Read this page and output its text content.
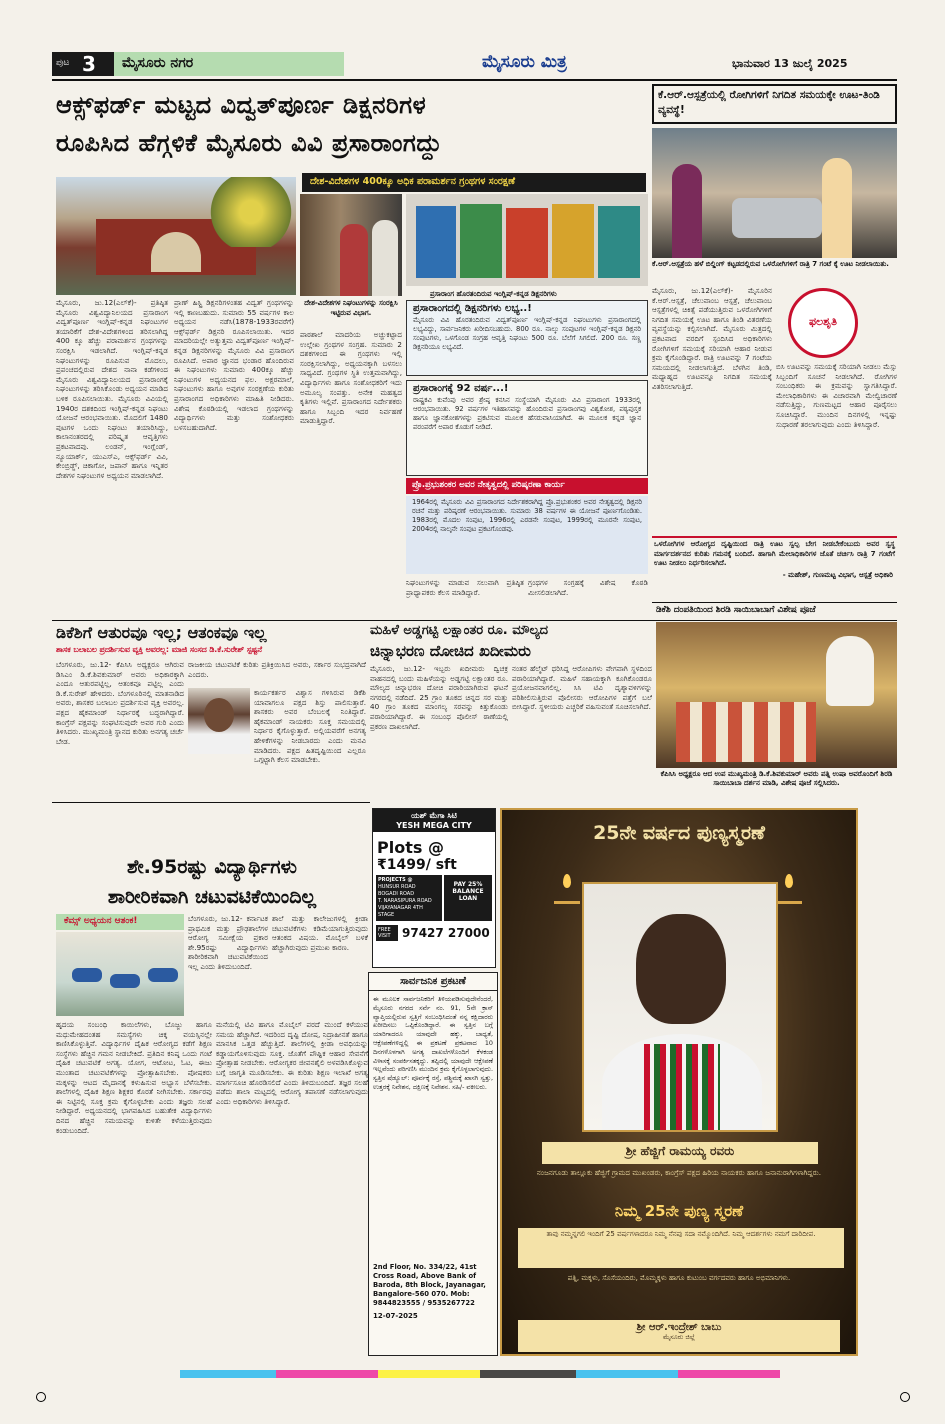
ಪುಟ 3 ಮೈಸೂರು ನಗರ	ಮೈಸೂರು ಮಿತ್ರ	ಭಾನುವಾರ 13 ಜುಲೈ 2025
ಆಕ್ಸ್‌ಫರ್ಡ್ ಮಟ್ಟದ ವಿದ್ವತ್‌ಪೂರ್ಣ ಡಿಕ್ಷನರಿಗಳ
ರೂಪಿಸಿದ ಹೆಗ್ಗಳಿಕೆ ಮೈಸೂರು ವಿವಿ ಪ್ರಸಾರಾಂಗದ್ದು
ದೇಶ-ವಿದೇಶಗಳ 400ಕ್ಕೂ ಅಧಿಕ ಪರಾಮರ್ಶನ ಗ್ರಂಥಗಳ ಸಂರಕ್ಷಣೆ
ಪ್ರಸಾರಾಂಗ ಹೊರತಂದಿರುವ ಇಂಗ್ಲಿಷ್-ಕನ್ನಡ ಡಿಕ್ಷನರಿಗಳು
ಮೈಸೂರು, ಜು.12(ಎಲ್‌ಕೆ)- ಪ್ರತಿಷ್ಠಿತ ಮೈಸೂರು ವಿಶ್ವವಿದ್ಯಾನಿಲಯದ ಪ್ರಸಾರಾಂಗ ವಿದ್ವತ್‌ಪೂರ್ಣ ಇಂಗ್ಲಿಷ್-ಕನ್ನಡ ನಿಘಂಟುಗಳ ತಯಾರಿಕೆಗೆ ದೇಶ-ವಿದೇಶಗಳಿಂದ ತರಿಸಲಾಗಿದ್ದ 400 ಕ್ಕೂ ಹೆಚ್ಚು ಪರಾಮರ್ಶನ ಗ್ರಂಥಗಳನ್ನು ಸಂರಕ್ಷಿಸಿ ಇಡಲಾಗಿದೆ. ಇಂಗ್ಲಿಷ್-ಕನ್ನಡ ನಿಘಂಟುಗಳನ್ನು ರೂಪಿಸುವ ಮೊದಲು, ಪ್ರಪಂಚದಲ್ಲಿರುವ ದೇಶದ ನಾನಾ ಕಡೆಗಳಿಂದ ಮೈಸೂರು ವಿಶ್ವವಿದ್ಯಾನಿಲಯದ ಪ್ರಸಾರಾಂಗಕ್ಕೆ ನಿಘಂಟುಗಳನ್ನು ತರಿಸಿಕೊಂಡು ಅಧ್ಯಯನ ಮಾಡಿದ ಬಳಿಕ ರೂಪಿಸಲಾಯಿತು. ಮೈಸೂರು ವಿವಿಯಲ್ಲಿ 1940ರ ದಶಕದಿಂದ ಇಂಗ್ಲಿಷ್-ಕನ್ನಡ ನಿಘಂಟು ಯೋಜನೆ ಆರಂಭವಾಯಿತು. ಮೊದಲಿಗೆ 1480 ಪುಟಗಳ ಒಂದು ನಿಘಂಟು ತಯಾರಿಸಿದ್ದು, ಕಾಲಾನಂತರದಲ್ಲಿ ಪರಿಷ್ಕೃತ ಆವೃತ್ತಿಗಳು ಪ್ರಕಟವಾದವು. ಲಂಡನ್, ಇಂಗ್ಲೆಂಡ್, ನ್ಯೂಯಾರ್ಕ್, ಯುಎಸ್‌ಎ, ಆಕ್ಸ್‌ಫರ್ಡ್ ವಿವಿ, ಕೇಂಬ್ರಿಡ್ಜ್, ಚಿಕಾಗೋ, ಜಪಾನ್ ಹಾಗೂ ಇನ್ನಿತರ ದೇಶಗಳ ನಿಘಂಟುಗಳ ಅಧ್ಯಯನ ಮಾಡಲಾಗಿದೆ.
ಪ್ರಾಣ್ ಹಿಸ್ಟ್ರಿ ಡಿಕ್ಷನರಿಗಳಂತಹ ವಿದ್ವತ್ ಗ್ರಂಥಗಳನ್ನು ಇಲ್ಲಿ ಕಾಣಬಹುದು. ಸುಮಾರು 55 ವರ್ಷಗಳ ಕಾಲ ಅಧ್ಯಯನ ನಡೆಸಿ(1878-1933ರವರೆಗೆ) ಆಕ್ಸ್‌ಫರ್ಡ್ ಡಿಕ್ಷನರಿ ರೂಪಿಸಲಾಯಿತು. ಇದರ ಮಾದರಿಯಲ್ಲೇ ಅತ್ಯುತ್ತಮ ವಿದ್ವತ್‌ಪೂರ್ಣ ಇಂಗ್ಲಿಷ್-ಕನ್ನಡ ಡಿಕ್ಷನರಿಗಳನ್ನು ಮೈಸೂರು ವಿವಿ ಪ್ರಸಾರಾಂಗ ರೂಪಿಸಿದೆ. ಅಪಾರ ಜ್ಞಾನದ ಭಂಡಾರ ಹೊಂದಿರುವ ಈ ನಿಘಂಟುಗಳು ಸುಮಾರು 400ಕ್ಕೂ ಹೆಚ್ಚು ನಿಘಂಟುಗಳ ಅಧ್ಯಯನದ ಫಲ. ಅಕ್ಷರಮಾಲೆ, ನಿಘಂಟುಗಳು ಹಾಗೂ ಅವುಗಳ ಸಂರಕ್ಷಣೆಯ ಕುರಿತು ಪ್ರಸಾರಾಂಗದ ಅಧಿಕಾರಿಗಳು ಮಾಹಿತಿ ನೀಡಿದರು. ವಿಶೇಷ ಕೊಠಡಿಯಲ್ಲಿ ಇಡಲಾದ ಗ್ರಂಥಗಳನ್ನು ವಿದ್ಯಾರ್ಥಿಗಳು ಮತ್ತು ಸಂಶೋಧಕರು ಬಳಸಬಹುದಾಗಿದೆ.
ದೇಶ-ವಿದೇಶಗಳ ನಿಘಂಟುಗಳನ್ನು ಸಂರಕ್ಷಿಸಿ ಇಟ್ಟಿರುವ ವಿಭಾಗ.
ಪಾಠಶಾಲೆ ಮಾದರಿಯ ಅಚ್ಚುಕಟ್ಟಾದ ಉಲ್ಲೇಖ ಗ್ರಂಥಗಳ ಸಂಗ್ರಹ. ಸುಮಾರು 2 ದಶಕಗಳಿಂದ ಈ ಗ್ರಂಥಗಳು ಇಲ್ಲಿ ಸಂರಕ್ಷಿಸಲಾಗಿದ್ದು, ಅಧ್ಯಯನಕ್ಕಾಗಿ ಬಳಸಲು ಸಾಧ್ಯವಿದೆ. ಗ್ರಂಥಗಳ ಸ್ಥಿತಿ ಉತ್ತಮವಾಗಿದ್ದು, ವಿದ್ಯಾರ್ಥಿಗಳು ಹಾಗೂ ಸಂಶೋಧಕರಿಗೆ ಇದು ಅಮೂಲ್ಯ ಸಂಪತ್ತು. ಅನೇಕ ಮಹತ್ವದ ಕೃತಿಗಳು ಇಲ್ಲಿವೆ. ಪ್ರಸಾರಾಂಗದ ನಿರ್ದೇಶಕರು ಹಾಗೂ ಸಿಬ್ಬಂದಿ ಇದರ ನಿರ್ವಹಣೆ ಮಾಡುತ್ತಿದ್ದಾರೆ.
ಪ್ರಸಾರಾಂಗದಲ್ಲಿ ಡಿಕ್ಷನರಿಗಳು ಲಭ್ಯ..!
ಮೈಸೂರು ವಿವಿ ಹೊರತಂದಿರುವ ವಿದ್ವತ್‌ಪೂರ್ಣ ಇಂಗ್ಲಿಷ್-ಕನ್ನಡ ನಿಘಂಟುಗಳು ಪ್ರಸಾರಾಂಗದಲ್ಲಿ ಲಭ್ಯವಿದ್ದು, ಸಾರ್ವಜನಿಕರು ಖರೀದಿಸಬಹುದು. 800 ರೂ. ನಾಲ್ಕು ಸಂಪುಟಗಳ ಇಂಗ್ಲಿಷ್-ಕನ್ನಡ ಡಿಕ್ಷನರಿ ಸಂಪುಟಗಳು, ಒಳಗೊಂಡ ಸಂಗ್ರಹ ಆವೃತ್ತಿ ನಿಘಂಟು 500 ರೂ. ಬೆಲೆಗೆ ಸಿಗಲಿದೆ. 200 ರೂ. ಸಣ್ಣ ಡಿಕ್ಷನರಿಯೂ ಲಭ್ಯವಿದೆ.
ಪ್ರಸಾರಾಂಗಕ್ಕೆ 92 ವರ್ಷ...!
ರಾಷ್ಟ್ರಕವಿ ಕುವೆಂಪು ಅವರ ಶ್ರೇಷ್ಠ ಕನಸಿನ ಸಂಸ್ಥೆಯಾಗಿ ಮೈಸೂರು ವಿವಿ ಪ್ರಸಾರಾಂಗ 1933ರಲ್ಲಿ ಆರಂಭವಾಯಿತು. 92 ವರ್ಷಗಳ ಇತಿಹಾಸವನ್ನು ಹೊಂದಿರುವ ಪ್ರಸಾರಾಂಗವು ವಿಶ್ವಕೋಶ, ಪಠ್ಯಪುಸ್ತಕ ಹಾಗೂ ಜ್ಞಾನಕೋಶಗಳನ್ನು ಪ್ರಕಟಿಸುವ ಮೂಲಕ ಹೆಸರುವಾಸಿಯಾಗಿದೆ. ಈ ಮೂಲಕ ಕನ್ನಡ ಜ್ಞಾನ ಪರಂಪರೆಗೆ ಅಪಾರ ಕೊಡುಗೆ ನೀಡಿದೆ.
ಪ್ರೊ.ಪ್ರಭುಶಂಕರ ಅವರ ನೇತೃತ್ವದಲ್ಲಿ ಪರಿಷ್ಕರಣಾ ಕಾರ್ಯ
1964ರಲ್ಲಿ ಮೈಸೂರು ವಿವಿ ಪ್ರಸಾರಾಂಗದ ನಿರ್ದೇಶಕರಾಗಿದ್ದ ಪ್ರೊ.ಪ್ರಭುಶಂಕರ ಅವರ ನೇತೃತ್ವದಲ್ಲಿ ಡಿಕ್ಷನರಿ ರಚನೆ ಮತ್ತು ಪರಿಷ್ಕರಣೆ ಆರಂಭವಾಯಿತು. ಸುಮಾರು 38 ವರ್ಷಗಳ ಈ ಯೋಜನೆ ಪೂರ್ಣಗೊಂಡಿತು. 1983ರಲ್ಲಿ ಮೊದಲ ಸಂಪುಟ, 1996ರಲ್ಲಿ ಎರಡನೇ ಸಂಪುಟ, 1999ರಲ್ಲಿ ಮೂರನೇ ಸಂಪುಟ, 2004ರಲ್ಲಿ ನಾಲ್ಕನೇ ಸಂಪುಟ ಪ್ರಕಟಗೊಂಡವು.
ನಿಘಂಟುಗಳನ್ನು ಮಾಡುವ ಸಲುವಾಗಿ ಪ್ರತಿಷ್ಠಿತ ಪ್ರಾಧ್ಯಾಪಕರು ಕೆಲಸ ಮಾಡಿದ್ದಾರೆ.
ಗ್ರಂಥಗಳ ಸಂಗ್ರಹಕ್ಕೆ ವಿಶೇಷ ಕೊಠಡಿ ಮೀಸಲಿಡಲಾಗಿದೆ.
ಕೆ.ಆರ್.ಆಸ್ಪತ್ರೆಯಲ್ಲಿ ರೋಗಿಗಳಿಗೆ ನಿಗದಿತ ಸಮಯಕ್ಕೇ ಊಟ-ತಿಂಡಿ ವ್ಯವಸ್ಥೆ!
ಕೆ.ಆರ್.ಆಸ್ಪತ್ರೆಯ ಹಳೆ ಬಿಲ್ಡಿಂಗ್ ಕಟ್ಟಡದಲ್ಲಿರುವ ಒಳರೋಗಿಗಳಿಗೆ ರಾತ್ರಿ 7 ಗಂಟೆ ಕ್ಕೆ ಊಟ ನೀಡಲಾಯಿತು.
ಮೈಸೂರು, ಜು.12(ಎಲ್‌ಕೆ)- ಮೈಸೂರಿನ ಕೆ.ಆರ್.ಆಸ್ಪತ್ರೆ, ಚೆಲುವಾಂಬ ಆಸ್ಪತ್ರೆ, ಚೆಲುವಾಂಬ ಆಸ್ಪತ್ರೆಗಳಲ್ಲಿ ಚಿಕಿತ್ಸೆ ಪಡೆಯುತ್ತಿರುವ ಒಳರೋಗಿಗಳಿಗೆ ನಿಗದಿತ ಸಮಯಕ್ಕೆ ಊಟ ಹಾಗೂ ತಿಂಡಿ ವಿತರಣೆಯ ವ್ಯವಸ್ಥೆಯನ್ನು ಕಲ್ಪಿಸಲಾಗಿದೆ. ಮೈಸೂರು ಮಿತ್ರದಲ್ಲಿ ಪ್ರಕಟವಾದ ವರದಿಗೆ ಸ್ಪಂದಿಸಿದ ಅಧಿಕಾರಿಗಳು ರೋಗಿಗಳಿಗೆ ಸಮಯಕ್ಕೆ ಸರಿಯಾಗಿ ಆಹಾರ ನೀಡುವ ಕ್ರಮ ಕೈಗೊಂಡಿದ್ದಾರೆ. ರಾತ್ರಿ ಊಟವನ್ನು 7 ಗಂಟೆಯ ಸಮಯದಲ್ಲಿ ನೀಡಲಾಗುತ್ತಿದೆ. ಬೆಳಗಿನ ತಿಂಡಿ, ಮಧ್ಯಾಹ್ನದ ಊಟವನ್ನೂ ನಿಗದಿತ ಸಮಯಕ್ಕೆ ವಿತರಿಸಲಾಗುತ್ತಿದೆ.
ಫಲಶೃತಿ
ಬಿಸಿ ಊಟವನ್ನು ಸಮಯಕ್ಕೆ ಸರಿಯಾಗಿ ನೀಡಲು ಮೆಸ್ಸು ಸಿಬ್ಬಂದಿಗೆ ಸೂಚನೆ ನೀಡಲಾಗಿದೆ. ರೋಗಿಗಳ ಸಂಬಂಧಿಕರು ಈ ಕ್ರಮವನ್ನು ಸ್ವಾಗತಿಸಿದ್ದಾರೆ. ಮೇಲಾಧಿಕಾರಿಗಳು ಈ ವಿಚಾರವಾಗಿ ಮೇಲ್ವಿಚಾರಣೆ ನಡೆಸುತ್ತಿದ್ದು, ಗುಣಮಟ್ಟದ ಆಹಾರ ಪೂರೈಸಲು ಸೂಚಿಸಿದ್ದಾರೆ. ಮುಂದಿನ ದಿನಗಳಲ್ಲಿ ಇನ್ನಷ್ಟು ಸುಧಾರಣೆ ತರಲಾಗುವುದು ಎಂದು ತಿಳಿಸಿದ್ದಾರೆ.
ಒಳರೋಗಿಗಳ ಆರೋಗ್ಯದ ದೃಷ್ಟಿಯಿಂದ ರಾತ್ರಿ ಊಟ ಸ್ವಲ್ಪ ಬೇಗ ನೀಡಬೇಕೆಂಬುದು ಅವರ ಸ್ವಸ್ಥ ಮಾರ್ಗದರ್ಶನದ ಕುರಿತು ಗಮನಕ್ಕೆ ಬಂದಿದೆ. ಹಾಗಾಗಿ ಮೇಲಾಧಿಕಾರಿಗಳ ಜೊತೆ ಚರ್ಚಿಸಿ ರಾತ್ರಿ 7 ಗಂಟೆಗೆ ಊಟ ನೀಡಲು ನಿರ್ಧರಿಸಲಾಗಿದೆ.
- ಮಹೇಶ್, ಗುಣಮಟ್ಟ ವಿಭಾಗ, ಆಸ್ಪತ್ರೆ ಅಧಿಕಾರಿ
ಡಿಕೆಶಿ ದಂಪತಿಯಿಂದ ಶಿರಡಿ ಸಾಯಿಬಾಬಾಗೆ ವಿಶೇಷ ಪೂಜೆ
ಡಿಕೆಶಿಗೆ ಆತುರವೂ ಇಲ್ಲ; ಆತಂಕವೂ ಇಲ್ಲ
ಶಾಸಕ ಬಲಾಬಲ ಪ್ರದರ್ಶಿಸುವ ವ್ಯಕ್ತಿ ಅವರಲ್ಲ: ಮಾಜಿ ಸಂಸದ ಡಿ.ಕೆ.ಸುರೇಶ್ ಸ್ಪಷ್ಟನೆ
ಬೆಂಗಳೂರು, ಜು.12- ಕೆಪಿಸಿಸಿ ಅಧ್ಯಕ್ಷರೂ ಆಗಿರುವ ಡಿಸಿಎಂ ಡಿ.ಕೆ.ಶಿವಕುಮಾರ್ ಅವರು ಅಧಿಕಾರಕ್ಕಾಗಿ ಎಂದೂ ಆತುರಪಟ್ಟಿಲ್ಲ, ಆತಂಕವೂ ಪಟ್ಟಿಲ್ಲ ಎಂದು ಡಿ.ಕೆ.ಸುರೇಶ್ ಹೇಳಿದರು. ಬೆಂಗಳೂರಿನಲ್ಲಿ ಮಾತನಾಡಿದ ಅವರು, ಶಾಸಕರ ಬಲಾಬಲ ಪ್ರದರ್ಶಿಸುವ ವ್ಯಕ್ತಿ ಅವರಲ್ಲ. ಪಕ್ಷದ ಹೈಕಮಾಂಡ್ ನಿರ್ಧಾರಕ್ಕೆ ಬದ್ಧರಾಗಿದ್ದಾರೆ. ಕಾಂಗ್ರೆಸ್ ಪಕ್ಷವನ್ನು ಸಂಘಟಿಸುವುದೇ ಅವರ ಗುರಿ ಎಂದು ತಿಳಿಸಿದರು. ಮುಖ್ಯಮಂತ್ರಿ ಸ್ಥಾನದ ಕುರಿತು ಅನಗತ್ಯ ಚರ್ಚೆ ಬೇಡ.
ರಾಜಕೀಯ ಚಟುವಟಿಕೆ ಕುರಿತು ಪ್ರತಿಕ್ರಿಯಿಸಿದ ಅವರು, ಸರ್ಕಾರ ಸುಭದ್ರವಾಗಿದೆ ಎಂದರು.
ಕಾರ್ಯಕರ್ತರ ವಿಶ್ವಾಸ ಗಳಿಸಿರುವ ಡಿಕೆಶಿ ಯಾವಾಗಲೂ ಪಕ್ಷದ ಶಿಸ್ತು ಪಾಲಿಸುತ್ತಾರೆ. ಶಾಸಕರು ಅವರ ಬೆಂಬಲಕ್ಕೆ ನಿಂತಿದ್ದಾರೆ. ಹೈಕಮಾಂಡ್ ನಾಯಕರು ಸೂಕ್ತ ಸಮಯದಲ್ಲಿ ನಿರ್ಧಾರ ಕೈಗೊಳ್ಳುತ್ತಾರೆ. ಅಲ್ಲಿಯವರೆಗೆ ಅನಗತ್ಯ ಹೇಳಿಕೆಗಳನ್ನು ನೀಡಬಾರದು ಎಂದು ಮನವಿ ಮಾಡಿದರು. ಪಕ್ಷದ ಹಿತದೃಷ್ಟಿಯಿಂದ ಎಲ್ಲರೂ ಒಗ್ಗಟ್ಟಾಗಿ ಕೆಲಸ ಮಾಡಬೇಕು.
ಮಹಿಳೆ ಅಡ್ಡಗಟ್ಟಿ ಲಕ್ಷಾಂತರ ರೂ. ಮೌಲ್ಯದ
ಚಿನ್ನಾಭರಣ ದೋಚಿದ ಖದೀಮರು
ಮೈಸೂರು, ಜು.12- ಇಬ್ಬರು ಖದೀಮರು ದ್ವಿಚಕ್ರ ವಾಹನದಲ್ಲಿ ಬಂದು ಮಹಿಳೆಯನ್ನು ಅಡ್ಡಗಟ್ಟಿ ಲಕ್ಷಾಂತರ ರೂ. ಮೌಲ್ಯದ ಚಿನ್ನಾಭರಣ ದೋಚಿ ಪರಾರಿಯಾಗಿರುವ ಘಟನೆ ನಗರದಲ್ಲಿ ನಡೆದಿದೆ. 25 ಗ್ರಾಂ ತೂಕದ ಚಿನ್ನದ ಸರ ಮತ್ತು 40 ಗ್ರಾಂ ತೂಕದ ಮಾಂಗಲ್ಯ ಸರವನ್ನು ಕಿತ್ತುಕೊಂಡು ಪರಾರಿಯಾಗಿದ್ದಾರೆ. ಈ ಸಂಬಂಧ ಪೊಲೀಸ್ ಠಾಣೆಯಲ್ಲಿ ಪ್ರಕರಣ ದಾಖಲಾಗಿದೆ.
ನಂತರ ಹೆಲ್ಮೆಟ್ ಧರಿಸಿದ್ದ ಆರೋಪಿಗಳು ವೇಗವಾಗಿ ಸ್ಥಳದಿಂದ ಪರಾರಿಯಾಗಿದ್ದಾರೆ. ಮಹಿಳೆ ಸಹಾಯಕ್ಕಾಗಿ ಕೂಗಿಕೊಂಡರೂ ಪ್ರಯೋಜನವಾಗಲಿಲ್ಲ. ಸಿಸಿ ಟಿವಿ ದೃಶ್ಯಾವಳಿಗಳನ್ನು ಪರಿಶೀಲಿಸುತ್ತಿರುವ ಪೊಲೀಸರು ಆರೋಪಿಗಳ ಪತ್ತೆಗೆ ಬಲೆ ಬೀಸಿದ್ದಾರೆ. ಸ್ಥಳೀಯರು ಎಚ್ಚರಿಕೆ ವಹಿಸುವಂತೆ ಸೂಚಿಸಲಾಗಿದೆ.
ಕೆಪಿಸಿಸಿ ಅಧ್ಯಕ್ಷರೂ ಆದ ಉಪ ಮುಖ್ಯಮಂತ್ರಿ ಡಿ.ಕೆ.ಶಿವಕುಮಾರ್ ಅವರು ಪತ್ನಿ ಉಷಾ ಅವರೊಂದಿಗೆ ಶಿರಡಿ ಸಾಯಿಬಾಬಾ ದರ್ಶನ ಮಾಡಿ, ವಿಶೇಷ ಪೂಜೆ ಸಲ್ಲಿಸಿದರು.
ಯಶ್ ಮೆಗಾ ಸಿಟಿ
YESH MEGA CITY
Plots @
₹1499/ sft
PROJECTS @
HUNSUR ROAD
BOGADI ROAD
T. NARASIPURA ROAD
VIJAYANAGAR 4TH STAGE
PAY 25%
BALANCE LOAN
FREE VISIT 97427 27000
ಶೇ.95ರಷ್ಟು ವಿದ್ಯಾರ್ಥಿಗಳು
ಶಾರೀರಿಕವಾಗಿ ಚಟುವಟಿಕೆಯಿಂದಿಲ್ಲ
ಕೆಮ್ಸ್ ಅಧ್ಯಯನ ಆತಂಕ!	ಬೆಂಗಳೂರು, ಜು.12- ಕರ್ನಾಟಕ ಪ್ರಾಥಮಿಕ ಮತ್ತು ಪ್ರೌಢಶಾಲೆಗಳ ಆರೋಗ್ಯ ಸಮೀಕ್ಷೆಯ ಪ್ರಕಾರ ಶೇ.95ರಷ್ಟು ವಿದ್ಯಾರ್ಥಿಗಳು ಶಾರೀರಿಕವಾಗಿ ಚಟುವಟಿಕೆಯಿಂದ ಇಲ್ಲ ಎಂದು ತಿಳಿದುಬಂದಿದೆ.
ಶಾಲೆ ಮತ್ತು ಕಾಲೇಜುಗಳಲ್ಲಿ ಕ್ರೀಡಾ ಚಟುವಟಿಕೆಗಳು ಕಡಿಮೆಯಾಗುತ್ತಿರುವುದು ಆತಂಕದ ವಿಷಯ. ಮೊಬೈಲ್ ಬಳಕೆ ಹೆಚ್ಚಾಗಿರುವುದು ಪ್ರಮುಖ ಕಾರಣ.
ಹೃದಯ ಸಂಬಂಧಿ ಕಾಯಿಲೆಗಳು, ಬೊಜ್ಜು ಹಾಗೂ ಮಧುಮೇಹದಂತಹ ಸಮಸ್ಯೆಗಳು ಚಿಕ್ಕ ವಯಸ್ಸಿನಲ್ಲೇ ಕಾಣಿಸಿಕೊಳ್ಳುತ್ತಿವೆ. ವಿದ್ಯಾರ್ಥಿಗಳ ದೈಹಿಕ ಆರೋಗ್ಯದ ಕಡೆಗೆ ಶಿಕ್ಷಣ ಸಂಸ್ಥೆಗಳು ಹೆಚ್ಚಿನ ಗಮನ ನೀಡಬೇಕಿದೆ. ಪ್ರತಿದಿನ ಕನಿಷ್ಠ ಒಂದು ಗಂಟೆ ದೈಹಿಕ ಚಟುವಟಿಕೆ ಅಗತ್ಯ. ಯೋಗ, ಆಟೋಟ, ಓಟ, ಈಜು ಮುಂತಾದ ಚಟುವಟಿಕೆಗಳನ್ನು ಪ್ರೋತ್ಸಾಹಿಸಬೇಕು. ಪೋಷಕರು ಮಕ್ಕಳನ್ನು ಆಟದ ಮೈದಾನಕ್ಕೆ ಕಳುಹಿಸುವ ಅಭ್ಯಾಸ ಬೆಳೆಸಬೇಕು. ಶಾಲೆಗಳಲ್ಲಿ ದೈಹಿಕ ಶಿಕ್ಷಣ ಶಿಕ್ಷಕರ ಕೊರತೆ ನೀಗಿಸಬೇಕು. ಸರ್ಕಾರವು ಈ ನಿಟ್ಟಿನಲ್ಲಿ ಸೂಕ್ತ ಕ್ರಮ ಕೈಗೊಳ್ಳಬೇಕು ಎಂದು ತಜ್ಞರು ಸಲಹೆ ನೀಡಿದ್ದಾರೆ. ಅಧ್ಯಯನದಲ್ಲಿ ಭಾಗವಹಿಸಿದ ಬಹುತೇಕ ವಿದ್ಯಾರ್ಥಿಗಳು ದಿನದ ಹೆಚ್ಚಿನ ಸಮಯವನ್ನು ಕುಳಿತೇ ಕಳೆಯುತ್ತಿರುವುದು ಕಂಡುಬಂದಿದೆ.
ಮನೆಯಲ್ಲಿ ಟಿವಿ ಹಾಗೂ ಮೊಬೈಲ್ ಪರದೆ ಮುಂದೆ ಕಳೆಯುವ ಸಮಯ ಹೆಚ್ಚಾಗಿದೆ. ಇದರಿಂದ ದೃಷ್ಟಿ ದೋಷ, ನಿದ್ರಾಹೀನತೆ ಹಾಗೂ ಮಾನಸಿಕ ಒತ್ತಡ ಹೆಚ್ಚುತ್ತಿದೆ. ಶಾಲೆಗಳಲ್ಲಿ ಕ್ರೀಡಾ ಅವಧಿಯನ್ನು ಕಡ್ಡಾಯಗೊಳಿಸುವುದು ಸೂಕ್ತ. ಜೊತೆಗೆ ಪೌಷ್ಟಿಕ ಆಹಾರ ಸೇವನೆಗೆ ಪ್ರೋತ್ಸಾಹ ನೀಡಬೇಕು. ಆರೋಗ್ಯಕರ ಜೀವನಶೈಲಿ ಅಳವಡಿಸಿಕೊಳ್ಳುವ ಬಗ್ಗೆ ಜಾಗೃತಿ ಮೂಡಿಸಬೇಕು. ಈ ಕುರಿತು ಶಿಕ್ಷಣ ಇಲಾಖೆ ಅಗತ್ಯ ಮಾರ್ಗಸೂಚಿ ಹೊರಡಿಸಲಿದೆ ಎಂದು ತಿಳಿದುಬಂದಿದೆ. ತಜ್ಞರ ಸಲಹೆ ಪಡೆದು ಶಾಲಾ ಮಟ್ಟದಲ್ಲಿ ಆರೋಗ್ಯ ತಪಾಸಣೆ ನಡೆಸಲಾಗುವುದು ಎಂದು ಅಧಿಕಾರಿಗಳು ತಿಳಿಸಿದ್ದಾರೆ.
ಸಾರ್ವಜನಿಕ ಪ್ರಕಟಣೆ
ಈ ಮೂಲಕ ಸಾರ್ವಜನಿಕರಿಗೆ ತಿಳಿಯಪಡಿಸುವುದೇನೆಂದರೆ, ಮೈಸೂರು ನಗರದ ಸರ್ವೆ ನಂ. 91, 5ನೇ ಕ್ರಾಸ್ ವ್ಯಾಪ್ತಿಯಲ್ಲಿರುವ ಸ್ವತ್ತಿಗೆ ಸಂಬಂಧಿಸಿದಂತೆ ನನ್ನ ಕಕ್ಷಿದಾರರು ಖರೀದಿಸಲು ಒಪ್ಪಿಕೊಂಡಿದ್ದಾರೆ. ಈ ಸ್ವತ್ತಿನ ಬಗ್ಗೆ ಯಾರಿಗಾದರೂ ಯಾವುದೇ ಹಕ್ಕು, ಬಾಧ್ಯತೆ, ಆಕ್ಷೇಪಣೆಗಳಿದ್ದಲ್ಲಿ ಈ ಪ್ರಕಟಣೆ ಪ್ರಕಟವಾದ 10 ದಿನಗಳೊಳಗಾಗಿ ಅಗತ್ಯ ದಾಖಲೆಗಳೊಂದಿಗೆ ಕೆಳಕಂಡ ವಿಳಾಸಕ್ಕೆ ಸಂಪರ್ಕಿಸತಕ್ಕದ್ದು. ತಪ್ಪಿದಲ್ಲಿ ಯಾವುದೇ ಆಕ್ಷೇಪಣೆ ಇಲ್ಲವೆಂದು ಪರಿಗಣಿಸಿ ಮುಂದಿನ ಕ್ರಮ ಕೈಗೊಳ್ಳಲಾಗುವುದು. ಸ್ವತ್ತಿನ ಷೆಡ್ಯೂಲ್: ಪೂರ್ವಕ್ಕೆ ರಸ್ತೆ, ಪಶ್ಚಿಮಕ್ಕೆ ಖಾಸಗಿ ಸ್ವತ್ತು, ಉತ್ತರಕ್ಕೆ ನಿವೇಶನ, ದಕ್ಷಿಣಕ್ಕೆ ನಿವೇಶನ. ಸಹಿ/- ವಕೀಲರು.
2nd Floor, No. 334/22, 41st Cross Road, Above Bank of Baroda, 8th Block, Jayanagar, Bangalore-560 070. Mob: 9844823555 / 9535267722
12-07-2025
25ನೇ ವರ್ಷದ ಪುಣ್ಯಸ್ಮರಣೆ
ಶ್ರೀ ಹೆಜ್ಜಿಗೆ ರಾಮಯ್ಯ ರವರು
ನಂಜನಗೂಡು ತಾಲ್ಲೂಕು ಹೆಜ್ಜಿಗೆ ಗ್ರಾಮದ ಮುಖಂಡರು, ಕಾಂಗ್ರೆಸ್ ಪಕ್ಷದ ಹಿರಿಯ ನಾಯಕರು ಹಾಗೂ ಜನಾನುರಾಗಿಗಳಾಗಿದ್ದರು.
ನಿಮ್ಮ 25ನೇ ಪುಣ್ಯ ಸ್ಮರಣೆ
ತಾವು ನಮ್ಮನ್ನಗಲಿ ಇಂದಿಗೆ 25 ವರ್ಷಗಳಾದರೂ ನಿಮ್ಮ ನೆನಪು ಸದಾ ನಮ್ಮೊಂದಿಗಿದೆ. ನಿಮ್ಮ ಆದರ್ಶಗಳು ನಮಗೆ ದಾರಿದೀಪ.
ಪತ್ನಿ, ಮಕ್ಕಳು, ಸೊಸೆಯಂದಿರು, ಮೊಮ್ಮಕ್ಕಳು ಹಾಗೂ ಕುಟುಂಬ ವರ್ಗದವರು ಹಾಗೂ ಅಭಿಮಾನಿಗಳು.
ಶ್ರೀ ಆರ್.ಇಂದ್ರೇಶ್ ಬಾಬು
ಮೈಸೂರು ಜಿಲ್ಲೆ
